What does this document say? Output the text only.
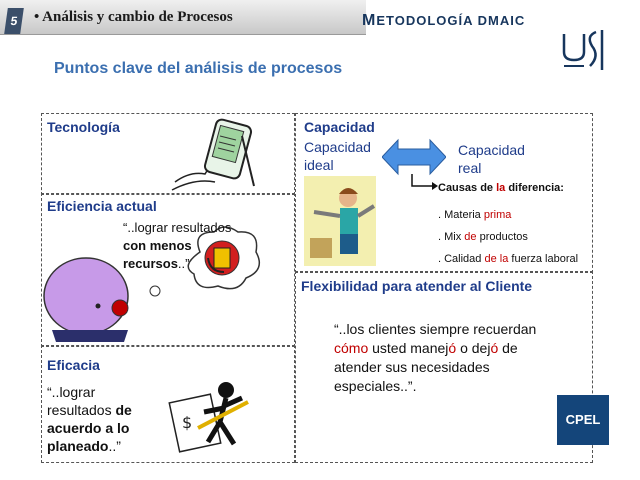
5	• Análisis y cambio de Procesos	METODOLOGÍA DMAIC
Puntos clave del análisis de procesos
Tecnología
Eficiencia actual
“..lograr resultados
con menos
recursos..”
Eficacia
“..lograr
resultados de
acuerdo a lo
planeado..”
$
Capacidad
Capacidad
ideal
Capacidad
real
Causas de la diferencia:
. Materia prima
. Mix de productos
. Calidad de la fuerza laboral
Flexibilidad para atender al Cliente
“..los clientes siempre recuerdan
cómo usted manejó o dejó de
atender sus necesidades
especiales..”.
CPEL
